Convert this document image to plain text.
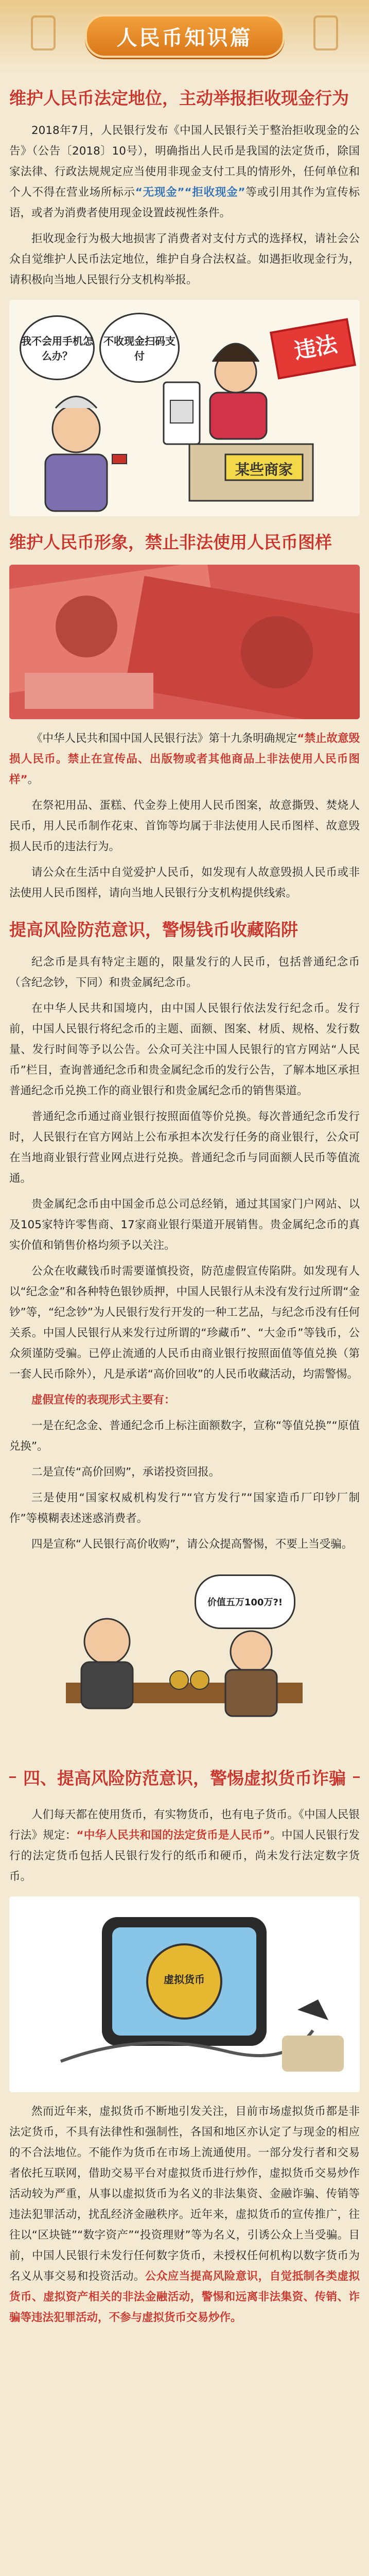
人民币知识篇
维护人民币法定地位，主动举报拒收现金行为

2018年7月，人民银行发布《中国人民银行关于整治拒收现金的公告》（公告〔2018〕10号），明确指出人民币是我国的法定货币，除国家法律、行政法规规定应当使用非现金支付工具的情形外，任何单位和个人不得在营业场所标示“无现金”“拒收现金”等或引用其作为宣传标语，或者为消费者使用现金设置歧视性条件。

拒收现金行为极大地损害了消费者对支付方式的选择权，请社会公众自觉维护人民币法定地位，维护自身合法权益。如遇拒收现金行为，请积极向当地人民银行分支机构举报。

我不会用手机怎么办？
不收现金扫码支付	违法
某些商家
维护人民币形象，禁止非法使用人民币图样

《中华人民共和国中国人民银行法》第十九条明确规定“禁止故意毁损人民币。禁止在宣传品、出版物或者其他商品上非法使用人民币图样”。

在祭祀用品、蛋糕、代金券上使用人民币图案，故意撕毁、焚烧人民币，用人民币制作花束、首饰等均属于非法使用人民币图样、故意毁损人民币的违法行为。

请公众在生活中自觉爱护人民币，如发现有人故意毁损人民币或非法使用人民币图样，请向当地人民银行分支机构提供线索。

提高风险防范意识，警惕钱币收藏陷阱

纪念币是具有特定主题的，限量发行的人民币，包括普通纪念币（含纪念钞，下同）和贵金属纪念币。

在中华人民共和国境内，由中国人民银行依法发行纪念币。发行前，中国人民银行将纪念币的主题、面额、图案、材质、规格、发行数量、发行时间等予以公告。公众可关注中国人民银行的官方网站“人民币”栏目，查询普通纪念币和贵金属纪念币的发行公告，了解本地区承担普通纪念币兑换工作的商业银行和贵金属纪念币的销售渠道。

普通纪念币通过商业银行按照面值等价兑换。每次普通纪念币发行时，人民银行在官方网站上公布承担本次发行任务的商业银行，公众可在当地商业银行营业网点进行兑换。普通纪念币与同面额人民币等值流通。

贵金属纪念币由中国金币总公司总经销，通过其国家门户网站、以及105家特许零售商、17家商业银行渠道开展销售。贵金属纪念币的真实价值和销售价格均须予以关注。

公众在收藏钱币时需要谨慎投资，防范虚假宣传陷阱。如发现有人以“纪念金”和各种特色银钞质押，中国人民银行从未没有发行过所谓“金钞”等，“纪念钞”为人民银行发行开发的一种工艺品，与纪念币没有任何关系。中国人民银行从来发行过所谓的“珍藏币”、“大金币”等钱币，公众须谨防受骗。已停止流通的人民币由商业银行按照面值等值兑换（第一套人民币除外），凡是承诺“高价回收”的人民币收藏活动，均需警惕。

虚假宣传的表现形式主要有：

一是在纪念金、普通纪念币上标注面额数字，宣称“等值兑换”“原值兑换”。

二是宣传“高价回购”，承诺投资回报。

三是使用“国家权威机构发行”“官方发行”“国家造币厂印钞厂制作”等模糊表述迷惑消费者。

四是宣称“人民银行高价收购”，请公众提高警惕，不要上当受骗。

价值五万100万?!
四、提高风险防范意识，警惕虚拟货币诈骗

人们每天都在使用货币，有实物货币，也有电子货币。《中国人民银行法》规定：“中华人民共和国的法定货币是人民币”。中国人民银行发行的法定货币包括人民银行发行的纸币和硬币，尚未发行法定数字货币。

虚拟货币

然而近年来，虚拟货币不断地引发关注，目前市场虚拟货币都是非法定货币，不具有法律性和强制性，各国和地区亦认定了与现金的相应的不合法地位。不能作为货币在市场上流通使用。一部分发行者和交易者依托互联网，借助交易平台对虚拟货币进行炒作，虚拟货币交易炒作活动较为严重，从事以虚拟货币为名义的非法集资、金融诈骗、传销等违法犯罪活动，扰乱经济金融秩序。近年来，虚拟货币的宣传推广，往往以“区块链”“数字资产”“投资理财”等为名义，引诱公众上当受骗。目前，中国人民银行未发行任何数字货币，未授权任何机构以数字货币为名义从事交易和投资活动。公众应当提高风险意识，自觉抵制各类虚拟货币、虚拟资产相关的非法金融活动，警惕和远离非法集资、传销、诈骗等违法犯罪活动，不参与虚拟货币交易炒作。
